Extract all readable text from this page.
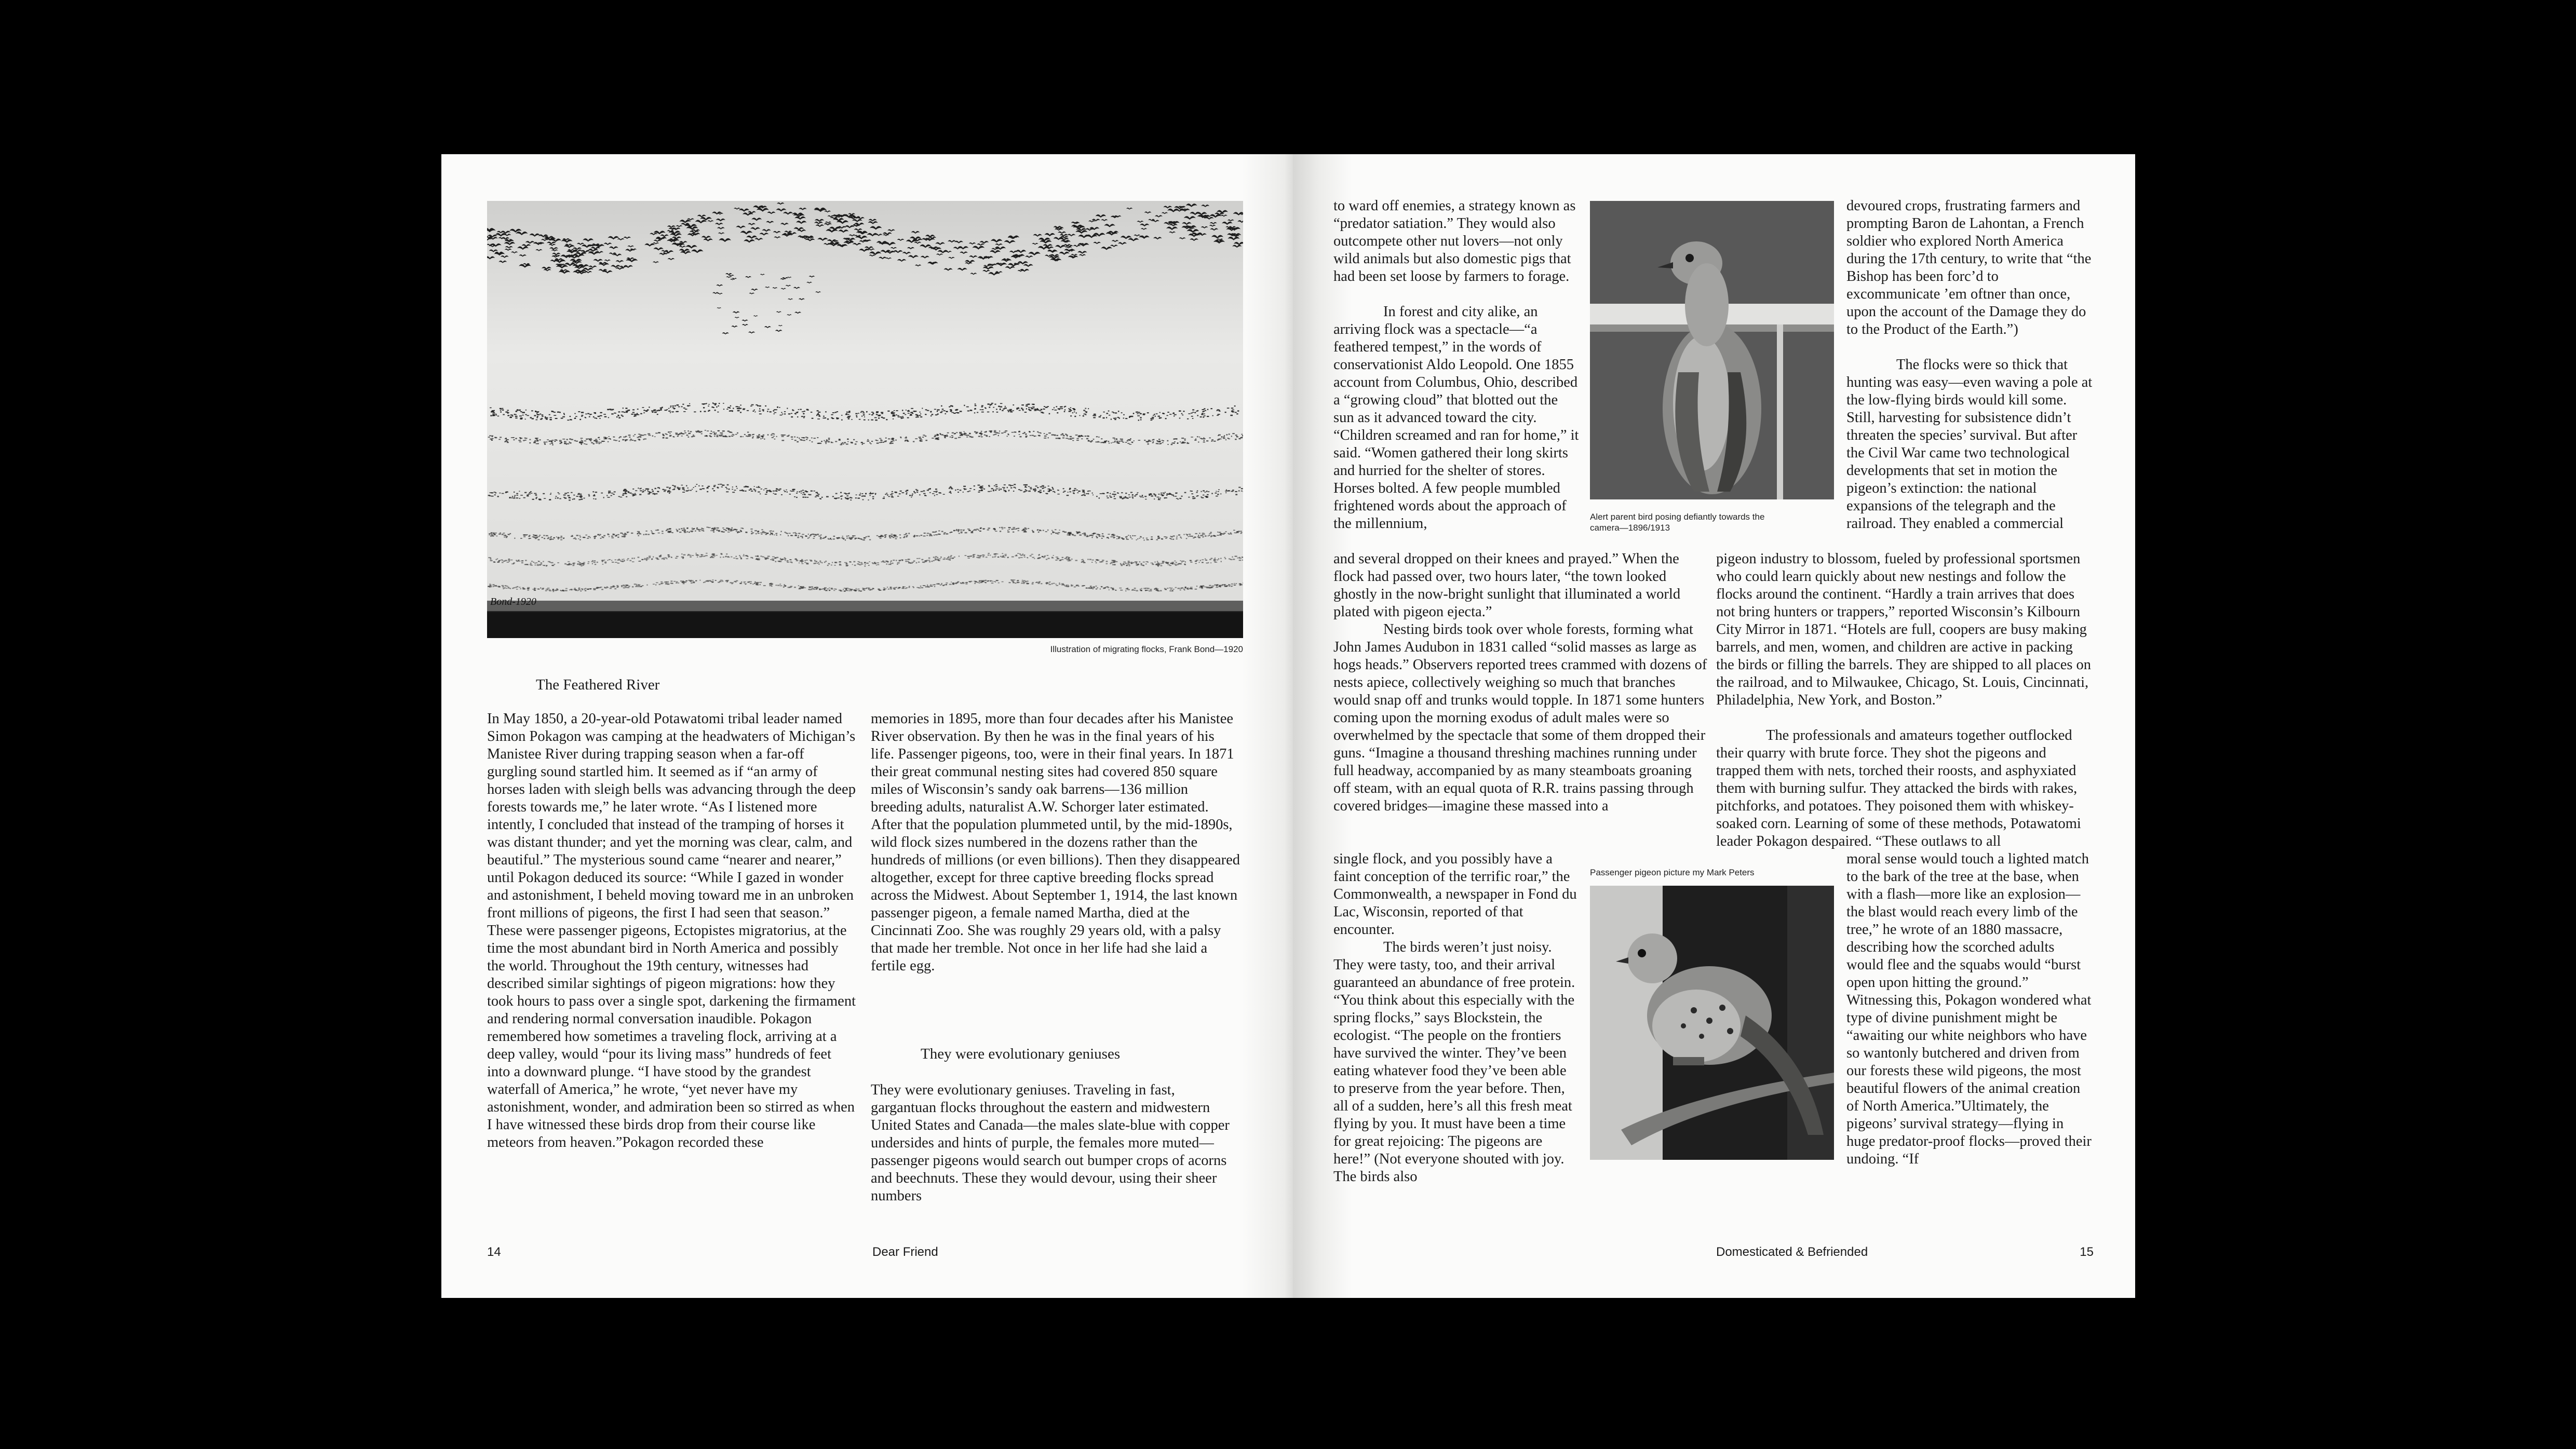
Bond-1920
Illustration of migrating flocks, Frank Bond—1920
The Feathered River
In May 1850, a 20-year-old Potawatomi tribal leader named Simon Pokagon was camping at the headwaters of Michigan’s Manistee River during trapping season when a far-off gurgling sound startled him. It seemed as if “an army of horses laden with sleigh bells was advancing through the deep forests towards me,” he later wrote. “As I listened more intently, I concluded that instead of the tramping of horses it was distant thunder; and yet the morning was clear, calm, and beautiful.” The mysterious sound came “nearer and nearer,” until Pokagon deduced its source: “While I gazed in wonder and astonishment, I beheld moving toward me in an unbroken front millions of pigeons, the first I had seen that season.” These were passenger pigeons, Ectopistes migratorius, at the time the most abundant bird in North America and possibly the world. Throughout the 19th century, witnesses had described similar sightings of pigeon migrations: how they took hours to pass over a single spot, darkening the firmament and rendering normal conversation inaudible. Pokagon remembered how sometimes a traveling flock, arriving at a deep valley, would “pour its living mass” hundreds of feet into a downward plunge. “I have stood by the grandest waterfall of America,” he wrote, “yet never have my astonishment, wonder, and admiration been so stirred as when I have witnessed these birds drop from their course like meteors from heaven.”Pokagon recorded these
memories in 1895, more than four decades after his Manistee River observation. By then he was in the final years of his life. Passenger pigeons, too, were in their final years. In 1871 their great communal nesting sites had covered 850 square miles of Wisconsin’s sandy oak barrens—136 million breeding adults, naturalist A.W. Schorger later estimated. After that the population plummeted until, by the mid-1890s, wild flock sizes numbered in the dozens rather than the hundreds of millions (or even billions). Then they disappeared altogether, except for three captive breeding flocks spread across the Midwest. About September 1, 1914, the last known passenger pigeon, a female named Martha, died at the Cincinnati Zoo. She was roughly 29 years old, with a palsy that made her tremble. Not once in her life had she laid a fertile egg.
They were evolutionary geniuses
They were evolutionary geniuses. Traveling in fast, gargantuan flocks throughout the eastern and midwestern United States and Canada—the males slate-blue with copper undersides and hints of purple, the females more muted—passenger pigeons would search out bumper crops of acorns and beechnuts. These they would devour, using their sheer numbers
14	Dear Friend
to ward off enemies, a strategy known as “predator satiation.” They would also outcompete other nut lovers—not only wild animals but also domestic pigs that had been set loose by farmers to forage.
In forest and city alike, an arriving flock was a spectacle—“a feathered tempest,” in the words of conservationist Aldo Leopold. One 1855 account from Columbus, Ohio, described a “growing cloud” that blotted out the sun as it advanced toward the city. “Children screamed and ran for home,” it said. “Women gathered their long skirts and hurried for the shelter of stores. Horses bolted. A few people mumbled frightened words about the approach of the millennium,
and several dropped on their knees and prayed.” When the flock had passed over, two hours later, “the town looked ghostly in the now-bright sunlight that illuminated a world plated with pigeon ejecta.”
Nesting birds took over whole forests, forming what John James Audubon in 1831 called “solid masses as large as hogs heads.” Observers reported trees crammed with dozens of nests apiece, collectively weighing so much that branches would snap off and trunks would topple. In 1871 some hunters coming upon the morning exodus of adult males were so overwhelmed by the spectacle that some of them dropped their guns. “Imagine a thousand threshing machines running under full headway, accompanied by as many steamboats groaning off steam, with an equal quota of R.R. trains passing through covered bridges—imagine these massed into a
single flock, and you possibly have a faint conception of the terrific roar,” the Commonwealth, a newspaper in Fond du Lac, Wisconsin, reported of that encounter.
The birds weren’t just noisy. They were tasty, too, and their arrival guaranteed an abundance of free protein. “You think about this especially with the spring flocks,” says Blockstein, the ecologist. “The people on the frontiers have survived the winter. They’ve been eating whatever food they’ve been able to preserve from the year before. Then, all of a sudden, here’s all this fresh meat flying by you. It must have been a time for great rejoicing: The pigeons are here!” (Not everyone shouted with joy. The birds also
Alert parent bird posing defiantly towards the camera—1896/1913
Passenger pigeon picture my Mark Peters
devoured crops, frustrating farmers and prompting Baron de Lahontan, a French soldier who explored North America during the 17th century, to write that “the Bishop has been forc’d to excommunicate ’em oftner than once, upon the account of the Damage they do to the Product of the Earth.”)
The flocks were so thick that hunting was easy—even waving a pole at the low-flying birds would kill some. Still, harvesting for subsistence didn’t threaten the species’ survival. But after the Civil War came two technological developments that set in motion the pigeon’s extinction: the national expansions of the telegraph and the railroad. They enabled a commercial
pigeon industry to blossom, fueled by professional sportsmen who could learn quickly about new nestings and follow the flocks around the continent. “Hardly a train arrives that does not bring hunters or trappers,” reported Wisconsin’s Kilbourn City Mirror in 1871. “Hotels are full, coopers are busy making barrels, and men, women, and children are active in packing the birds or filling the barrels. They are shipped to all places on the railroad, and to Milwaukee, Chicago, St. Louis, Cincinnati, Philadelphia, New York, and Boston.”
The professionals and amateurs together outflocked their quarry with brute force. They shot the pigeons and trapped them with nets, torched their roosts, and asphyxiated them with burning sulfur. They attacked the birds with rakes, pitchforks, and potatoes. They poisoned them with whiskey-soaked corn. Learning of some of these methods, Potawatomi leader Pokagon despaired. “These outlaws to all
moral sense would touch a lighted match to the bark of the tree at the base, when with a flash—more like an explosion—the blast would reach every limb of the tree,” he wrote of an 1880 massacre, describing how the scorched adults would flee and the squabs would “burst open upon hitting the ground.” Witnessing this, Pokagon wondered what type of divine punishment might be “awaiting our white neighbors who have so wantonly butchered and driven from our forests these wild pigeons, the most beautiful flowers of the animal creation of North America.”Ultimately, the pigeons’ survival strategy—flying in huge predator-proof flocks—proved their undoing. “If
Domesticated & Befriended	15
